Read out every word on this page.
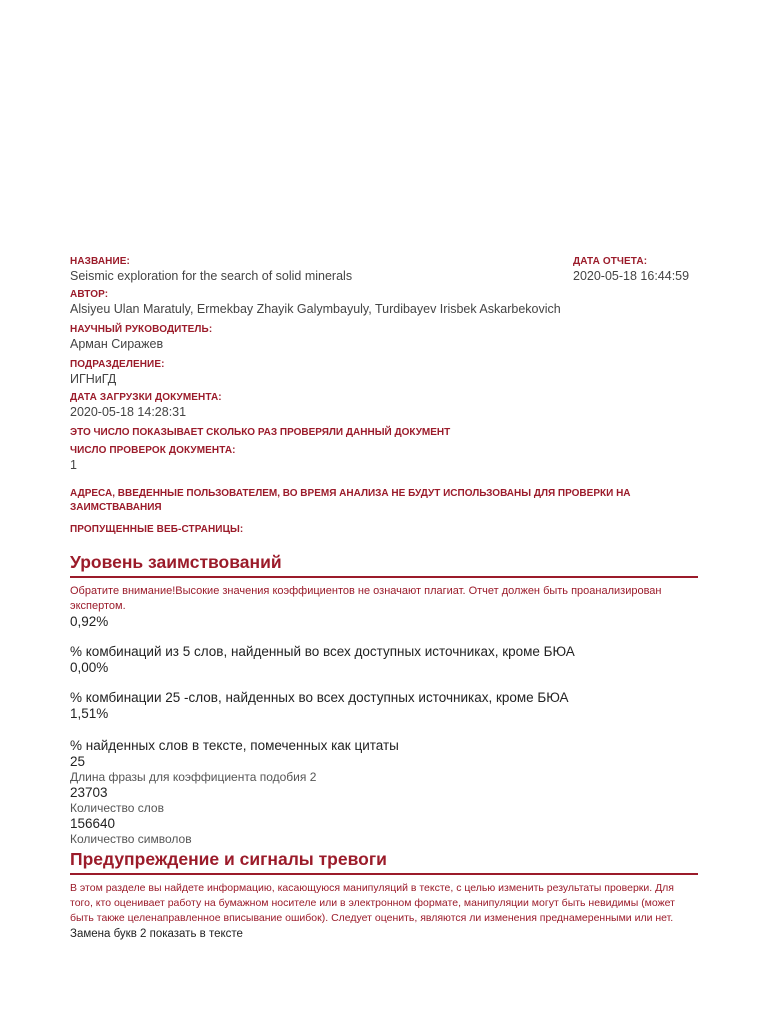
НАЗВАНИЕ:
Seismic exploration for the search of solid minerals
ДАТА ОТЧЕТА:
2020-05-18 16:44:59
АВТОР:
Alsiyeu Ulan Maratuly, Ermekbay Zhayik Galymbayuly, Turdibayev Irisbek Askarbekovich
НАУЧНЫЙ РУКОВОДИТЕЛЬ:
Арман Сиражев
ПОДРАЗДЕЛЕНИЕ:
ИГНиГД
ДАТА ЗАГРУЗКИ ДОКУМЕНТА:
2020-05-18 14:28:31
ЭТО ЧИСЛО ПОКАЗЫВАЕТ СКОЛЬКО РАЗ ПРОВЕРЯЛИ ДАННЫЙ ДОКУМЕНТ
ЧИСЛО ПРОВЕРОК ДОКУМЕНТА:
1
АДРЕСА, ВВЕДЕННЫЕ ПОЛЬЗОВАТЕЛЕМ, ВО ВРЕМЯ АНАЛИЗА НЕ БУДУТ ИСПОЛЬЗОВАНЫ ДЛЯ ПРОВЕРКИ НА ЗАИМСТВАВАНИЯ
ПРОПУЩЕННЫЕ ВЕБ-СТРАНИЦЫ:
Уровень заимствований
Обратите внимание!Высокие значения коэффициентов не означают плагиат. Отчет должен быть проанализирован экспертом.
0,92%
% комбинаций из 5 слов, найденный во всех доступных источниках, кроме БЮА
0,00%
% комбинации 25 -слов, найденных во всех доступных источниках, кроме БЮА
1,51%
% найденных слов в тексте, помеченных как цитаты
25
Длина фразы для коэффициента подобия 2
23703
Количество слов
156640
Количество символов
Предупреждение и сигналы тревоги
В этом разделе вы найдете информацию, касающуюся манипуляций в тексте, с целью изменить результаты проверки. Для того, кто оценивает работу на бумажном носителе или в электронном формате, манипуляции могут быть невидимы (может быть также целенаправленное вписывание ошибок). Следует оценить, являются ли изменения преднамеренными или нет.
Замена букв 2 показать в тексте
